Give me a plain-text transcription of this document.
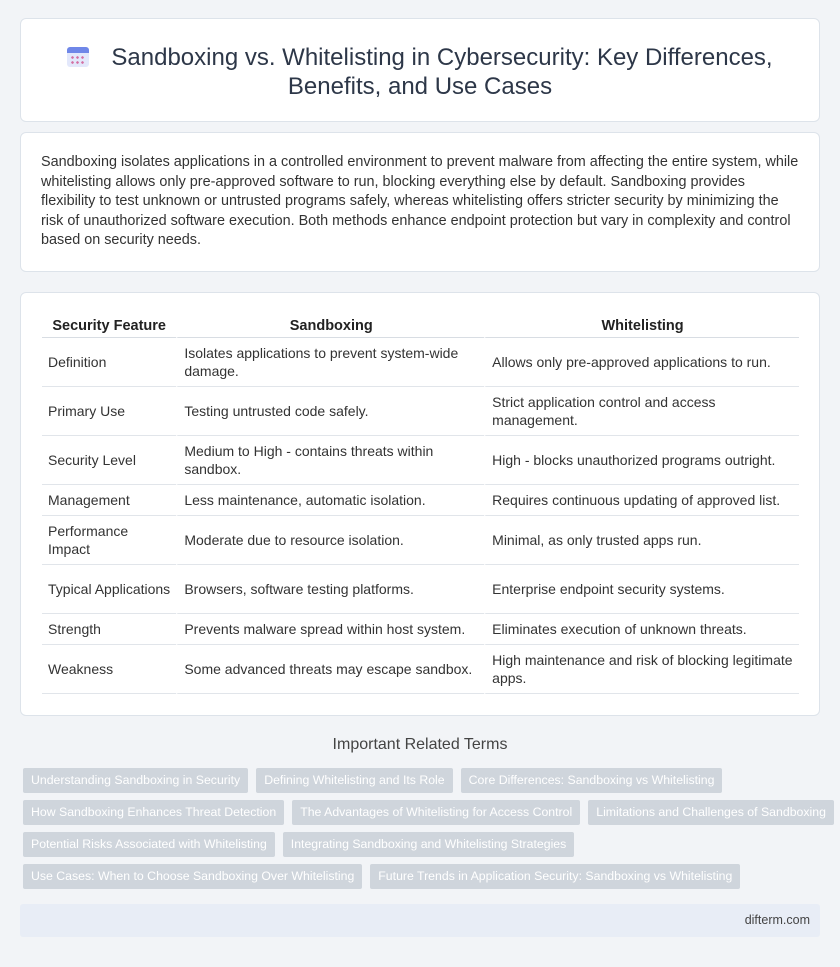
Sandboxing vs. Whitelisting in Cybersecurity: Key Differences,
Benefits, and Use Cases

Sandboxing isolates applications in a controlled environment to prevent malware from affecting the entire system, while whitelisting allows only pre-approved software to run, blocking everything else by default. Sandboxing provides flexibility to test unknown or untrusted programs safely, whereas whitelisting offers stricter security by minimizing the risk of unauthorized software execution. Both methods enhance endpoint protection but vary in complexity and control based on security needs.

Security Feature	Sandboxing	Whitelisting
Definition	Isolates applications to prevent system-wide damage.	Allows only pre-approved applications to run.
Primary Use	Testing untrusted code safely.	Strict application control and access management.
Security Level	Medium to High - contains threats within sandbox.	High - blocks unauthorized programs outright.
Management	Less maintenance, automatic isolation.	Requires continuous updating of approved list.
Performance Impact	Moderate due to resource isolation.	Minimal, as only trusted apps run.
Typical Applications	Browsers, software testing platforms.	Enterprise endpoint security systems.
Strength	Prevents malware spread within host system.	Eliminates execution of unknown threats.
Weakness	Some advanced threats may escape sandbox.	High maintenance and risk of blocking legitimate apps.
Important Related Terms
Understanding Sandboxing in Security	Defining Whitelisting and Its Role	Core Differences: Sandboxing vs Whitelisting
How Sandboxing Enhances Threat Detection	The Advantages of Whitelisting for Access Control	Limitations and Challenges of Sandboxing
Potential Risks Associated with Whitelisting	Integrating Sandboxing and Whitelisting Strategies
Use Cases: When to Choose Sandboxing Over Whitelisting	Future Trends in Application Security: Sandboxing vs Whitelisting
difterm.com
